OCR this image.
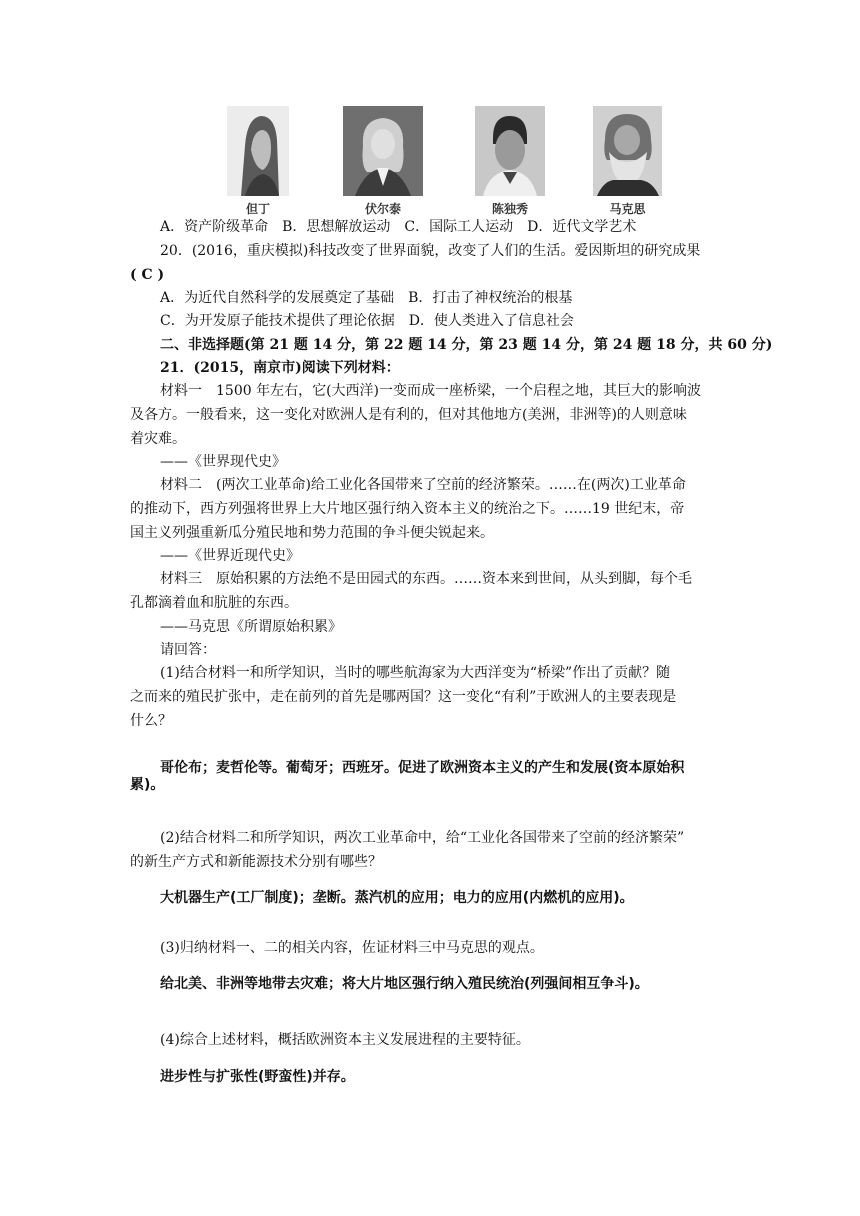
但丁	伏尔泰	陈独秀	马克思
A．资产阶级革命　B．思想解放运动　C．国际工人运动　D．近代文学艺术
20．(2016，重庆模拟)科技改变了世界面貌，改变了人们的生活。爱因斯坦的研究成果
( C )
A．为近代自然科学的发展奠定了基础　B．打击了神权统治的根基
C．为开发原子能技术提供了理论依据　D．使人类进入了信息社会
二、非选择题(第 21 题 14 分，第 22 题 14 分，第 23 题 14 分，第 24 题 18 分，共 60 分)
21．(2015，南京市)阅读下列材料：
材料一　1500 年左右，它(大西洋)一变而成一座桥梁，一个启程之地，其巨大的影响波
及各方。一般看来，这一变化对欧洲人是有利的，但对其他地方(美洲，非洲等)的人则意味
着灾难。
——《世界现代史》
材料二　(两次工业革命)给工业化各国带来了空前的经济繁荣。……在(两次)工业革命
的推动下，西方列强将世界上大片地区强行纳入资本主义的统治之下。……19 世纪末，帝
国主义列强重新瓜分殖民地和势力范围的争斗便尖锐起来。
——《世界近现代史》
材料三　原始积累的方法绝不是田园式的东西。……资本来到世间，从头到脚，每个毛
孔都滴着血和肮脏的东西。
——马克思《所谓原始积累》
请回答：
(1)结合材料一和所学知识，当时的哪些航海家为大西洋变为“桥梁”作出了贡献？随
之而来的殖民扩张中，走在前列的首先是哪两国？这一变化“有利”于欧洲人的主要表现是
什么？
哥伦布；麦哲伦等。葡萄牙；西班牙。促进了欧洲资本主义的产生和发展(资本原始积
(2)结合材料二和所学知识，两次工业革命中，给“工业化各国带来了空前的经济繁荣”
的新生产方式和新能源技术分别有哪些？
大机器生产(工厂制度)；垄断。蒸汽机的应用；电力的应用(内燃机的应用)。
(3)归纳材料一、二的相关内容，佐证材料三中马克思的观点。
给北美、非洲等地带去灾难；将大片地区强行纳入殖民统治(列强间相互争斗)。
(4)综合上述材料，概括欧洲资本主义发展进程的主要特征。
进步性与扩张性(野蛮性)并存。
累)。
